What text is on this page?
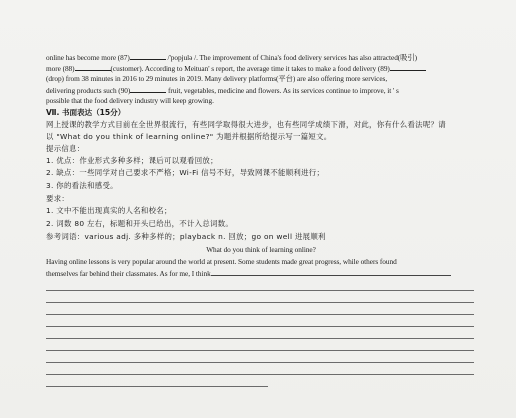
online has become more (87)	/'popjulə /. The improvement of China's food delivery services has also attracted(吸引)
more (88)	(customer). According to Meituan' s report, the average time it takes to make a food delivery (89)
(drop) from 38 minutes in 2016 to 29 minutes in 2019. Many delivery platforms(平台) are also offering more services,
delivering products such (90)	fruit, vegetables, medicine and flowers. As its services continue to improve, it ' s
possible that the food delivery industry will keep growing.
Ⅶ. 书面表达（15分）
网上授课的教学方式目前在全世界很流行，有些同学取得很大进步，也有些同学成绩下滑，对此，你有什么看法呢？请
以 "What do you think of learning online?" 为题并根据所给提示写一篇短文。
提示信息：
1. 优点：作业形式多种多样；课后可以观看回放；
2. 缺点：一些同学对自己要求不严格；Wi-Fi 信号不好，导致网课不能顺利进行；
3. 你的看法和感受。
要求：
1. 文中不能出现真实的人名和校名；
2. 词数 80 左右，标题和开头已给出，不计入总词数。
参考词语：various adj. 多种多样的；playback n. 回放；go on well 进展顺利
What do you think of learning online?
Having online lessons is very popular around the world at present. Some students made great progress, while others found
themselves far behind their classmates. As for me, I think
